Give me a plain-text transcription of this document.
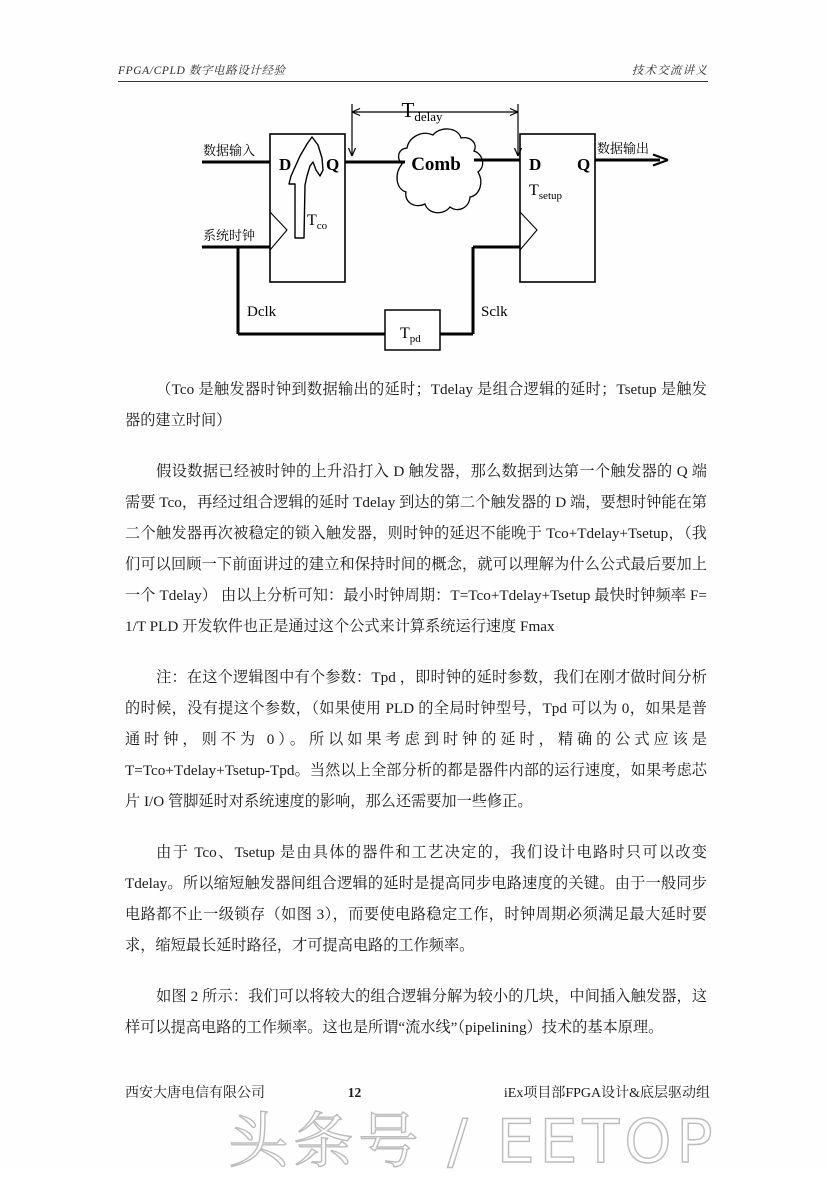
FPGA/CPLD 数字电路设计经验	技术交流讲义
Tdelay
D Q
$T_{co}$
D Q
$T_{setup}$
Comb
$T_{pd}$
数据输入	数据输出
系统时钟
Dclk	Sclk

（Tco 是触发器时钟到数据输出的延时；Tdelay 是组合逻辑的延时；Tsetup 是触发器的建立时间）

假设数据已经被时钟的上升沿打入 D 触发器，那么数据到达第一个触发器的 Q 端需要 Tco，再经过组合逻辑的延时 Tdelay 到达的第二个触发器的 D 端，要想时钟能在第二个触发器再次被稳定的锁入触发器，则时钟的延迟不能晚于 Tco+Tdelay+Tsetup，（我们可以回顾一下前面讲过的建立和保持时间的概念，就可以理解为什么公式最后要加上一个 Tdelay） 由以上分析可知：最小时钟周期：T=Tco+Tdelay+Tsetup 最快时钟频率 F= 1/T PLD 开发软件也正是通过这个公式来计算系统运行速度 Fmax

注：在这个逻辑图中有个参数：Tpd ，即时钟的延时参数，我们在刚才做时间分析的时候，没有提这个参数，（如果使用 PLD 的全局时钟型号，Tpd 可以为 0，如果是普通时钟，则不为 0）。所以如果考虑到时钟的延时，精确的公式应该是 T=Tco+Tdelay+Tsetup-Tpd。当然以上全部分析的都是器件内部的运行速度，如果考虑芯片 I/O 管脚延时对系统速度的影响，那么还需要加一些修正。

由于 Tco、Tsetup 是由具体的器件和工艺决定的，我们设计电路时只可以改变 Tdelay。所以缩短触发器间组合逻辑的延时是提高同步电路速度的关键。由于一般同步电路都不止一级锁存（如图 3），而要使电路稳定工作，时钟周期必须满足最大延时要求，缩短最长延时路径，才可提高电路的工作频率。

如图 2 所示：我们可以将较大的组合逻辑分解为较小的几块，中间插入触发器，这样可以提高电路的工作频率。这也是所谓“流水线”（pipelining）技术的基本原理。

西安大唐电信有限公司	12	iEx项目部FPGA设计&底层驱动组
头条号 / EETOP
